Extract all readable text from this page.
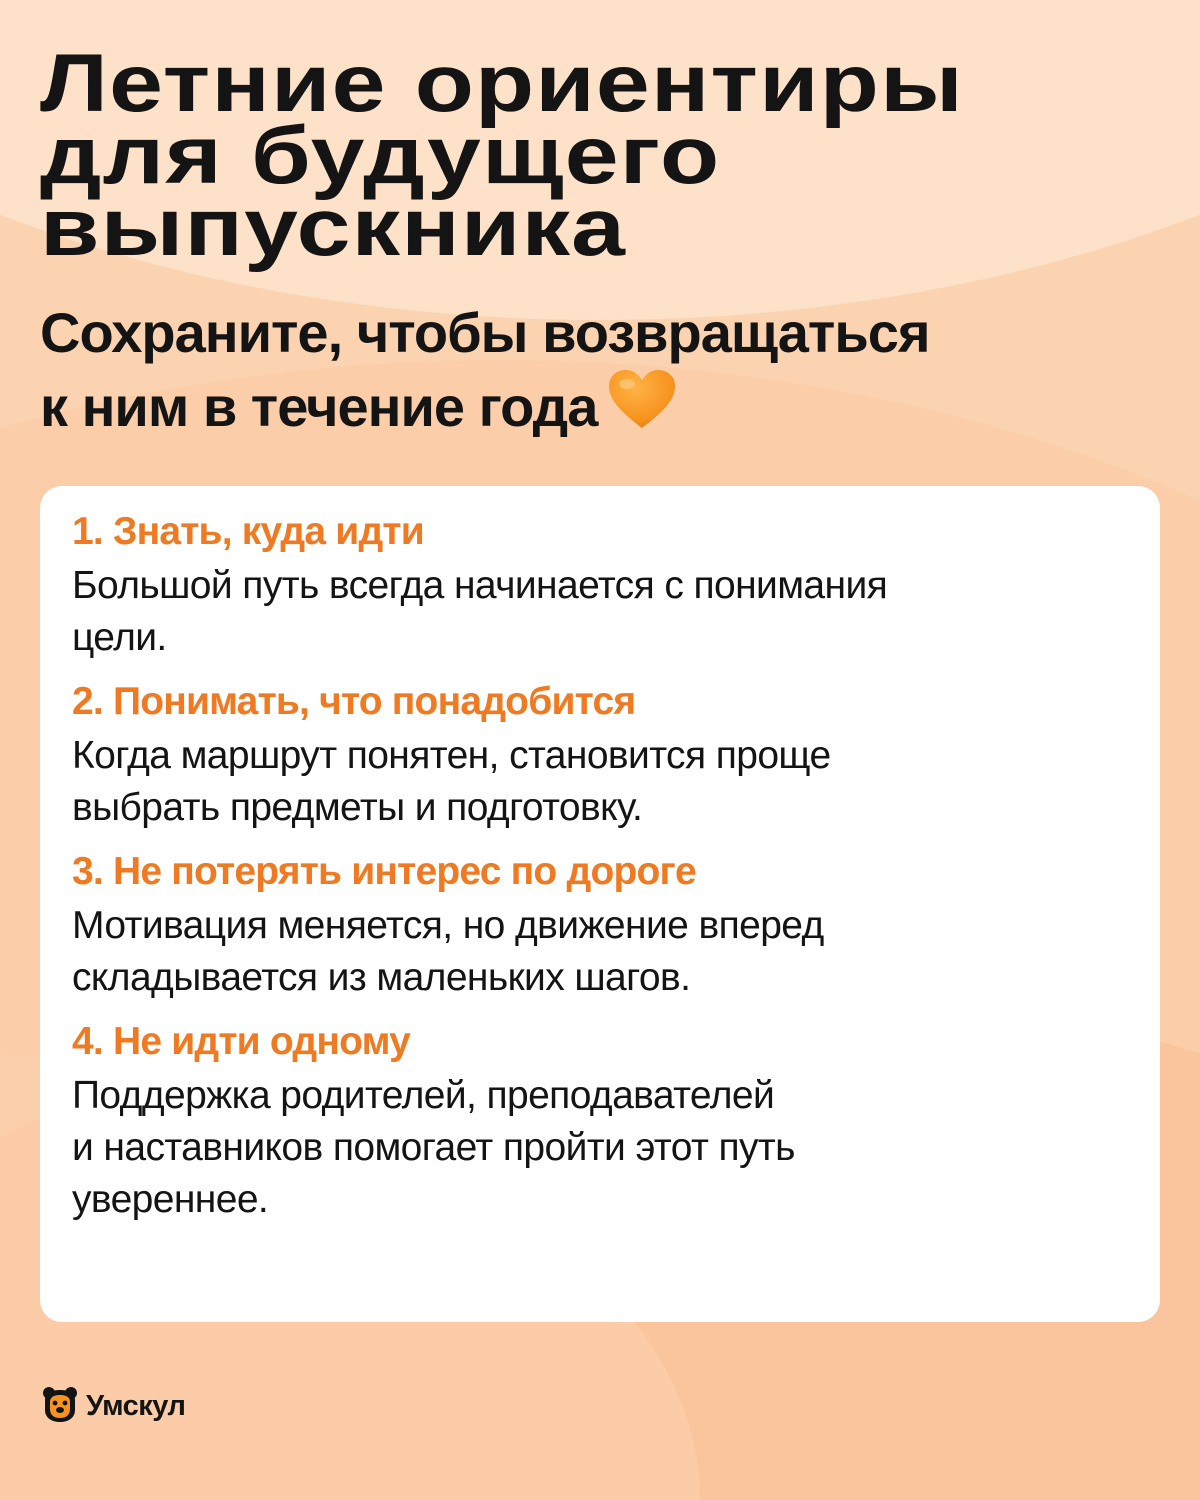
Летние ориентиры
для будущего
выпускника
Сохраните, чтобы возвращаться
к ним в течение года
1. Знать, куда идти
Большой путь всегда начинается с понимания
цели.
2. Понимать, что понадобится
Когда маршрут понятен, становится проще
выбрать предметы и подготовку.
3. Не потерять интерес по дороге
Мотивация меняется, но движение вперед
складывается из маленьких шагов.
4. Не идти одному
Поддержка родителей, преподавателей
и наставников помогает пройти этот путь
увереннее.
Умскул
